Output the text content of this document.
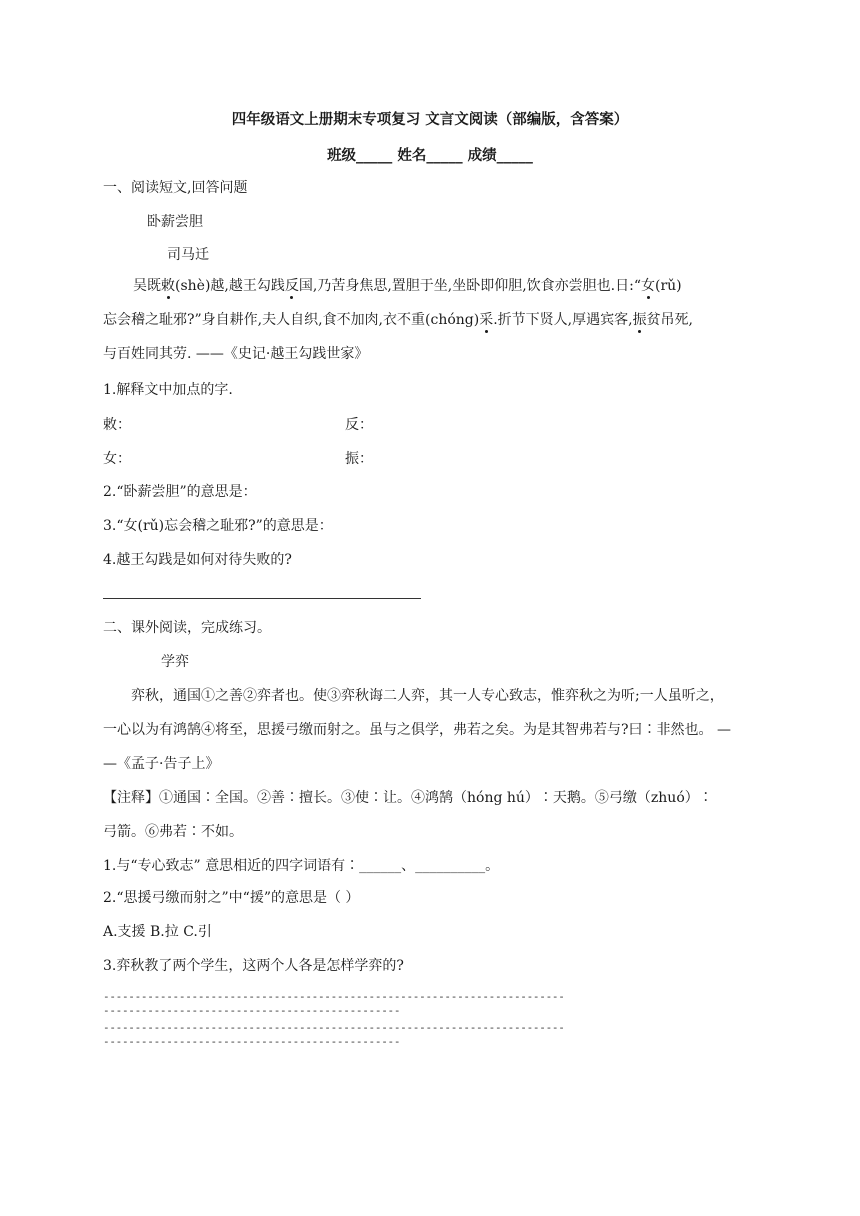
四年级语文上册期末专项复习 文言文阅读（部编版，含答案）
班级_____ 姓名_____ 成绩_____
一、阅读短文,回答问题
卧薪尝胆
司马迁
吴既敕(shè)越,越王勾践反国,乃苦身焦思,置胆于坐,坐卧即仰胆,饮食亦尝胆也.日:“女(rǔ)
忘会稽之耻邪?”身自耕作,夫人自织,食不加肉,衣不重(chóng)采.折节下贤人,厚遇宾客,振贫吊死,
与百姓同其劳. ——《史记·越王勾践世家》
1.解释文中加点的字.
敕：	反：
女：	振：
2.“卧薪尝胆”的意思是：
3.“女(rǔ)忘会稽之耻邪?”的意思是：
4.越王勾践是如何对待失败的?
二、课外阅读，完成练习。
学弈
弈秋，通国①之善②弈者也。使③弈秋诲二人弈，其一人专心致志，惟弈秋之为听;一人虽听之，
一心以为有鸿鹄④将至，思援弓缴而射之。虽与之俱学，弗若之矣。为是其智弗若与?曰∶非然也。 —
—《孟子·告子上》
【注释】①通国∶全国。②善∶擅长。③使∶让。④鸿鹄（hóng hú）∶天鹅。⑤弓缴（zhuó）∶
弓箭。⑥弗若∶不如。
1.与“专心致志” 意思相近的四字词语有∶______、__________。
2.“思援弓缴而射之”中“援”的意思是（ ）
A.支援 B.拉 C.引
3.弈秋教了两个学生，这两个人各是怎样学弈的?
------------------------------------------------------------------------------------------------------------------------
------------------------------------------------------------------------------------------------------------------------
